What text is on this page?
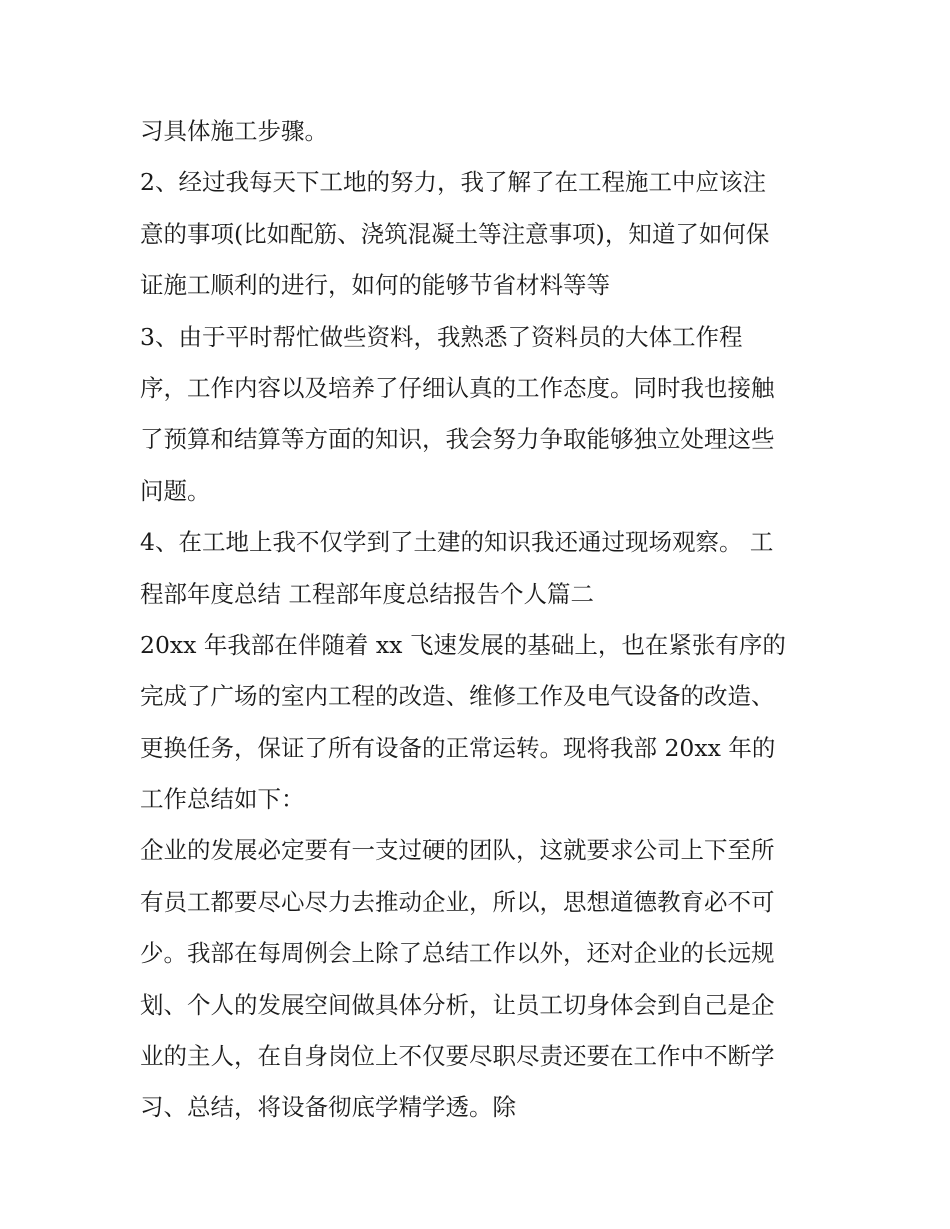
习具体施工步骤。
2、经过我每天下工地的努力，我了解了在工程施工中应该注
意的事项(比如配筋、浇筑混凝土等注意事项)，知道了如何保
证施工顺利的进行，如何的能够节省材料等等
3、由于平时帮忙做些资料，我熟悉了资料员的大体工作程
序，工作内容以及培养了仔细认真的工作态度。同时我也接触
了预算和结算等方面的知识，我会努力争取能够独立处理这些
问题。
4、在工地上我不仅学到了土建的知识我还通过现场观察。 工
程部年度总结 工程部年度总结报告个人篇二
20xx 年我部在伴随着 xx 飞速发展的基础上，也在紧张有序的
完成了广场的室内工程的改造、维修工作及电气设备的改造、
更换任务，保证了所有设备的正常运转。现将我部 20xx 年的
工作总结如下：
企业的发展必定要有一支过硬的团队，这就要求公司上下至所
有员工都要尽心尽力去推动企业，所以，思想道德教育必不可
少。我部在每周例会上除了总结工作以外，还对企业的长远规
划、个人的发展空间做具体分析，让员工切身体会到自己是企
业的主人，在自身岗位上不仅要尽职尽责还要在工作中不断学
习、总结，将设备彻底学精学透。除
